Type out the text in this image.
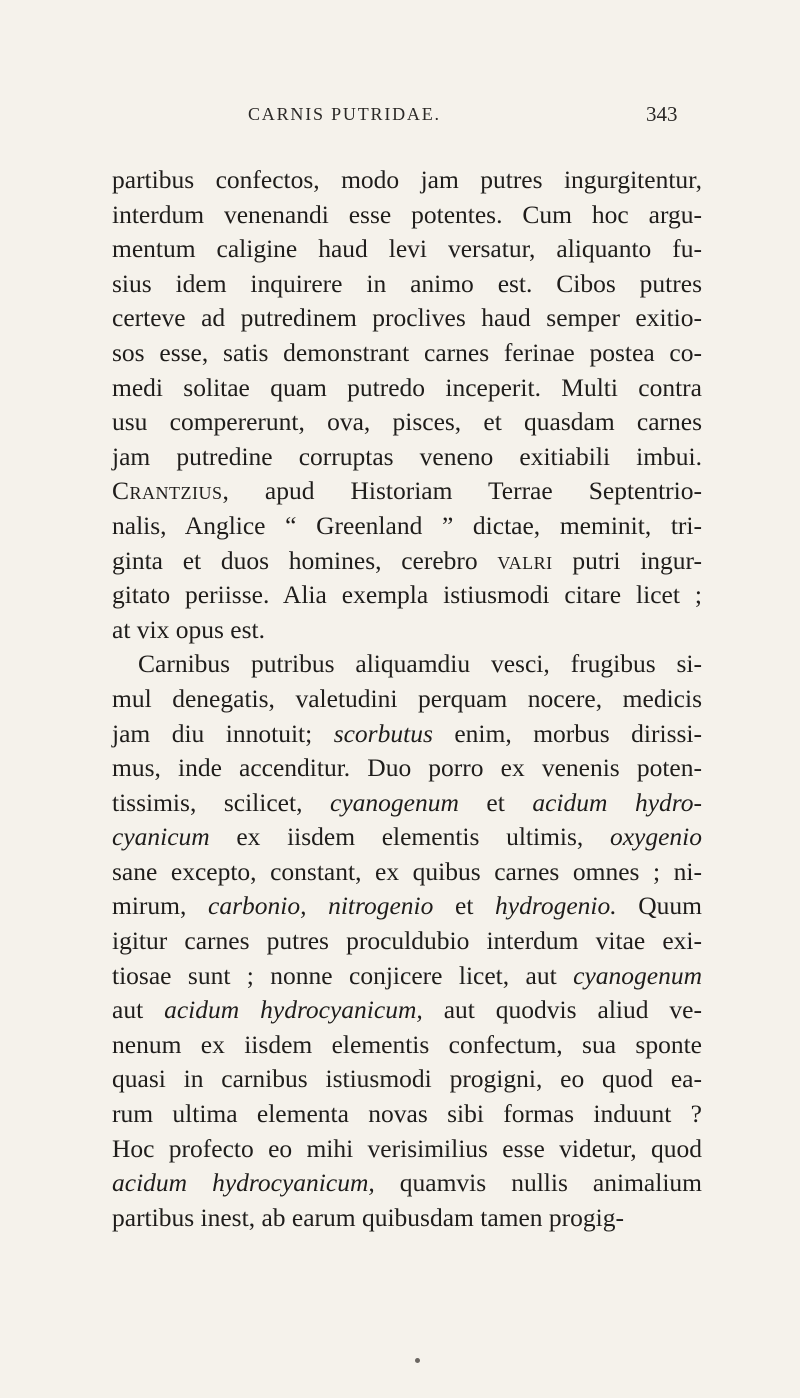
CARNIS PUTRIDAE.	343
partibus confectos, modo jam putres ingurgitentur,
interdum venenandi esse potentes. Cum hoc argu-
mentum caligine haud levi versatur, aliquanto fu-
sius idem inquirere in animo est. Cibos putres
certeve ad putredinem proclives haud semper exitio-
sos esse, satis demonstrant carnes ferinae postea co-
medi solitae quam putredo inceperit. Multi contra
usu compererunt, ova, pisces, et quasdam carnes
jam putredine corruptas veneno exitiabili imbui.
Crantzius, apud Historiam Terrae Septentrio-
nalis, Anglice “ Greenland ” dictae, meminit, tri-
ginta et duos homines, cerebro valri putri ingur-
gitato periisse. Alia exempla istiusmodi citare licet ;
at vix opus est.
Carnibus putribus aliquamdiu vesci, frugibus si-
mul denegatis, valetudini perquam nocere, medicis
jam diu innotuit; scorbutus enim, morbus dirissi-
mus, inde accenditur. Duo porro ex venenis poten-
tissimis, scilicet, cyanogenum et acidum hydro-
cyanicum ex iisdem elementis ultimis, oxygenio
sane excepto, constant, ex quibus carnes omnes ; ni-
mirum, carbonio, nitrogenio et hydrogenio. Quum
igitur carnes putres proculdubio interdum vitae exi-
tiosae sunt ; nonne conjicere licet, aut cyanogenum
aut acidum hydrocyanicum, aut quodvis aliud ve-
nenum ex iisdem elementis confectum, sua sponte
quasi in carnibus istiusmodi progigni, eo quod ea-
rum ultima elementa novas sibi formas induunt ?
Hoc profecto eo mihi verisimilius esse videtur, quod
acidum hydrocyanicum, quamvis nullis animalium
partibus inest, ab earum quibusdam tamen progig-
